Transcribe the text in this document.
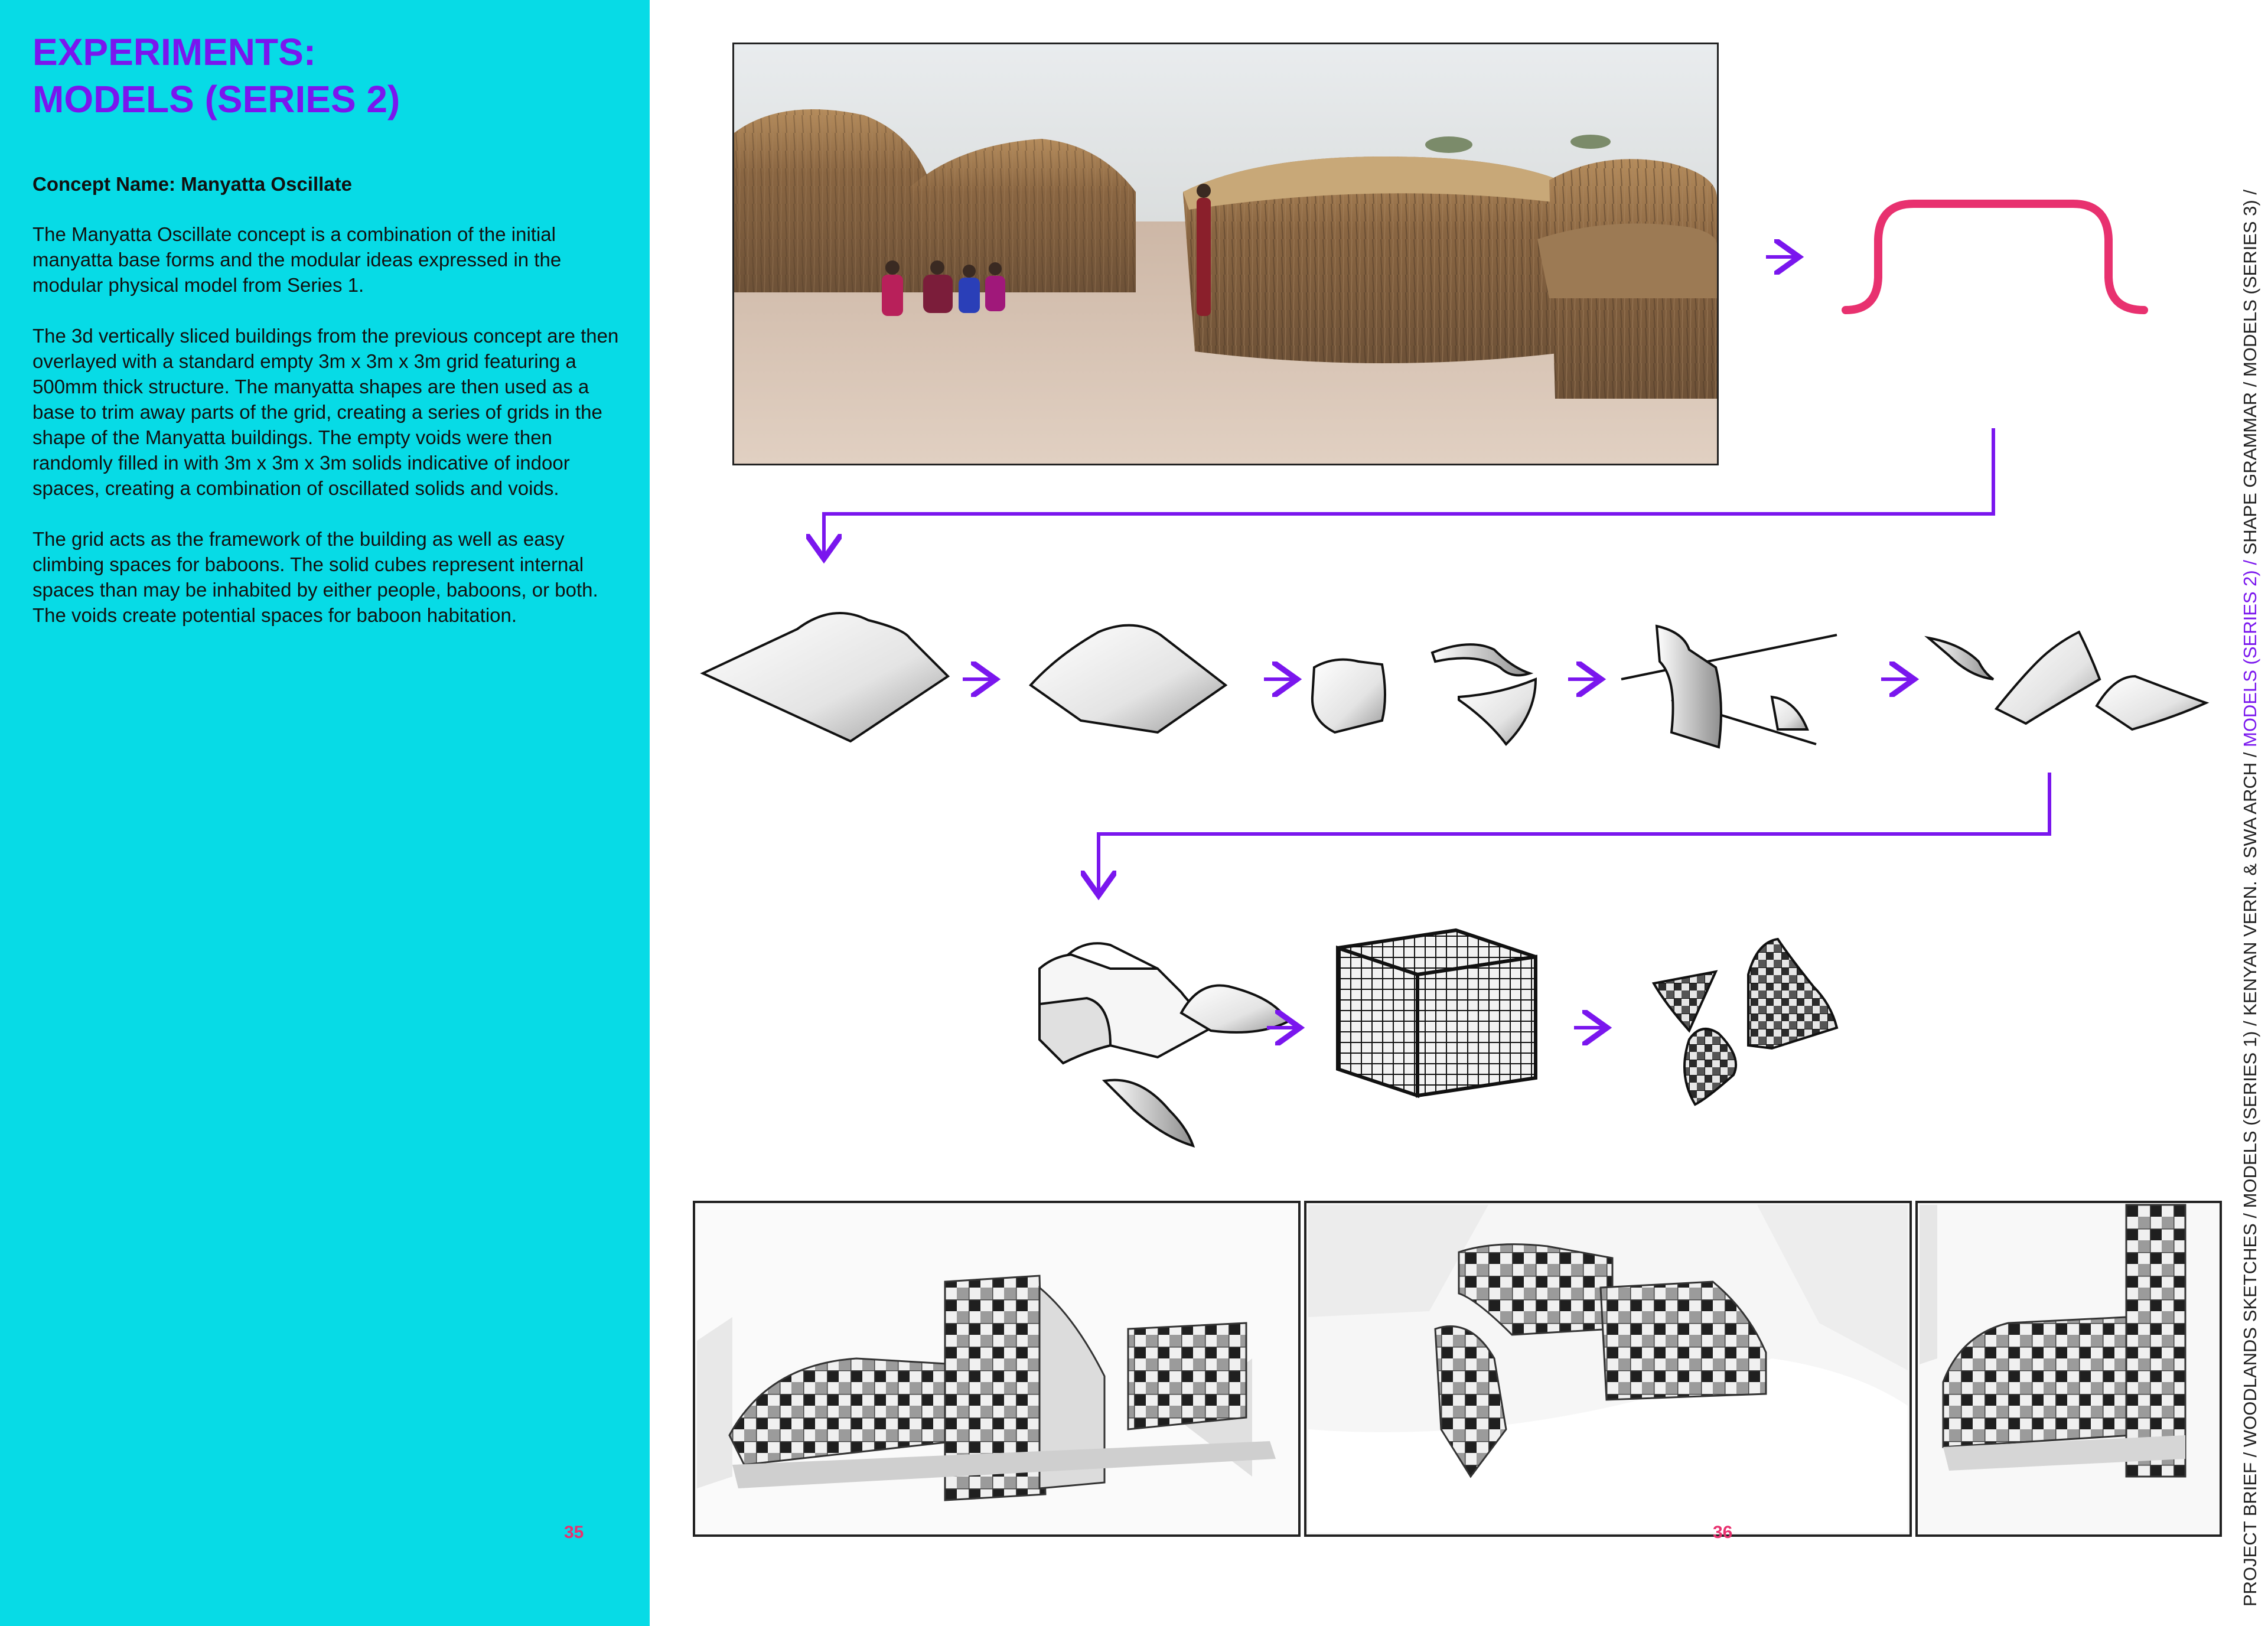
EXPERIMENTS:
MODELS (SERIES 2)
Concept Name: Manyatta Oscillate

The Manyatta Oscillate concept is a combination of the initial manyatta base forms and the modular ideas expressed in the modular physical model from Series 1.

The 3d vertically sliced buildings from the previous concept are then overlayed with a standard empty 3m x 3m x 3m grid featuring a 500mm thick structure. The manyatta shapes are then used as a base to trim away parts of the grid, creating a series of grids in the shape of the Manyatta buildings. The empty voids were then randomly filled in with 3m x 3m x 3m solids indicative of indoor spaces, creating a combination of oscillated solids and voids.

The grid acts as the framework of the building as well as easy climbing spaces for baboons. The solid cubes represent internal spaces than may be inhabited by either people, baboons, or both. The voids create potential spaces for baboon habitation.

35	36	PROJECT BRIEF / WOODLANDS SKETCHES / MODELS (SERIES 1) / KENYAN VERN. & SWA ARCH / MODELS (SERIES 2) / SHAPE GRAMMAR / MODELS (SERIES 3) /
